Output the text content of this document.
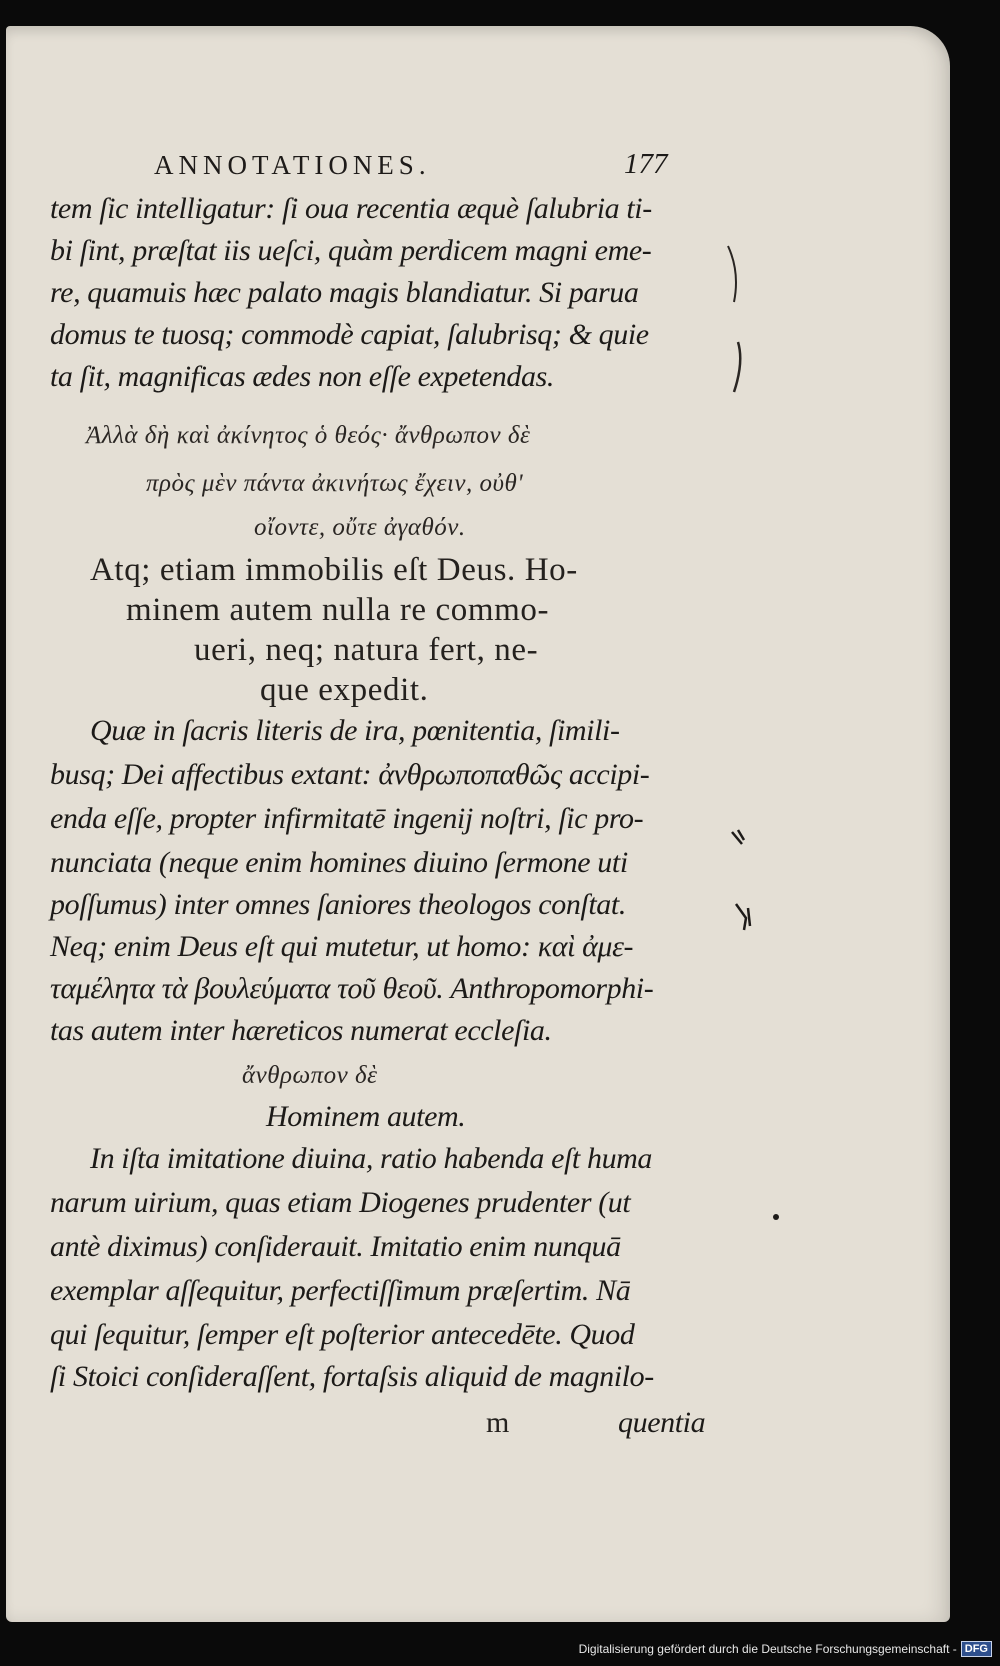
ANNOTATIONES.	177
tem ſic intelligatur: ſi oua recentia æquè ſalubria ti-
bi ſint, præſtat iis ueſci, quàm perdicem magni eme-
re, quamuis hæc palato magis blandiatur. Si parua
domus te tuosq; commodè capiat, ſalubrisq; & quie
ta ſit, magnificas ædes non eſſe expetendas.
Ἀλλὰ δὴ καὶ ἀκίνητος ὁ θεός· ἄνθρωπον δὲ
πρὸς μὲν πάντα ἀκινήτως ἔχειν, οὐθ'
οἴοντε, οὔτε ἀγαθόν.
Atq; etiam immobilis eſt Deus. Ho-
minem autem nulla re commo-
ueri, neq; natura fert, ne-
que expedit.
Quæ in ſacris literis de ira, pœnitentia, ſimili-
busq; Dei affectibus extant: ἀνθρωποπαθῶς accipi-
enda eſſe, propter infirmitatē ingenij noſtri, ſic pro-
nunciata (neque enim homines diuino ſermone uti
poſſumus) inter omnes ſaniores theologos conſtat.
Neq; enim Deus eſt qui mutetur, ut homo: καὶ ἀμε-
ταμέλητα τὰ βουλεύματα τοῦ θεοῦ. Anthropomorphi-
tas autem inter hæreticos numerat eccleſia.
ἄνθρωπον δὲ
Hominem autem.
In iſta imitatione diuina, ratio habenda eſt huma
narum uirium, quas etiam Diogenes prudenter (ut
antè diximus) conſiderauit. Imitatio enim nunquā
exemplar aſſequitur, perfectiſſimum præſertim. Nā
qui ſequitur, ſemper eſt poſterior antecedēte. Quod
ſi Stoici conſideraſſent, fortaſsis aliquid de magnilo-
m	quentia
Digitalisierung gefördert durch die Deutsche Forschungsgemeinschaft - DFG
